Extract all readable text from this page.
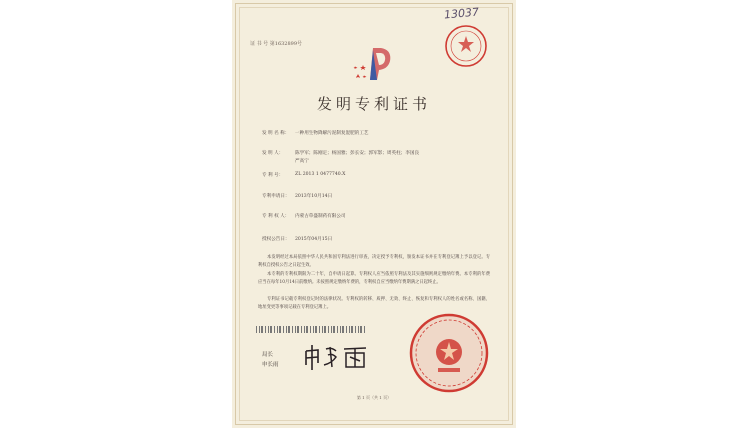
证 书 号 第1632899号
13037
发明专利证书
发 明 名 称： 一种用生物降解污泥制复混肥的工艺
发 明 人：	陈学军；陈刚定；杨国雅；彭长安；郭军影；周英柱；李国良
严高宁
专 利 号：	ZL 2013 1 0477740.X
专利申请日： 2013年10月14日
专 利 权 人： 内蒙古草盛制药有限公司
授权公告日： 2015年04月15日
本发明经过本局依照中华人民共和国专利法进行审查，决定授予专利权，颁发本证书并在专利登记簿上予以登记。专利权自授权公告之日起生效。
本专利的专利权期限为二十年，自申请日起算。专利权人应当依照专利法及其实施细则规定缴纳年费。本专利的年费应当在每年10月14日前缴纳。未按照规定缴纳年费的，专利权自应当缴纳年费期满之日起终止。
专利证书记载专利权登记时的法律状况。专利权的转移、质押、无效、终止、恢复和专利权人的姓名或名称、国籍、地址变更等事项记载在专利登记簿上。
局长
申长雨
第 1 页（共 1 页）
